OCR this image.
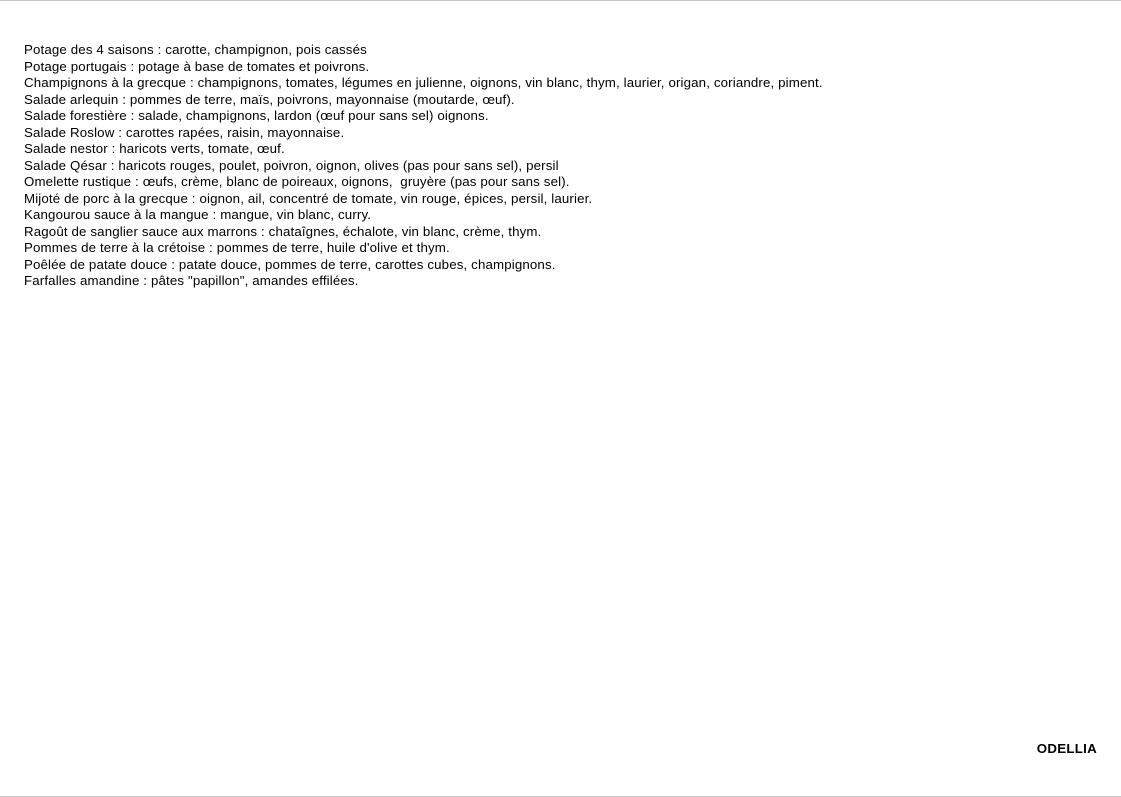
Potage des 4 saisons : carotte, champignon, pois cassés
Potage portugais : potage à base de tomates et poivrons.
Champignons à la grecque : champignons, tomates, légumes en julienne, oignons, vin blanc, thym, laurier, origan, coriandre, piment.
Salade arlequin : pommes de terre, maïs, poivrons, mayonnaise (moutarde, œuf).
Salade forestière : salade, champignons, lardon (œuf pour sans sel) oignons.
Salade Roslow : carottes rapées, raisin, mayonnaise.
Salade nestor : haricots verts, tomate, œuf.
Salade Qésar : haricots rouges, poulet, poivron, oignon, olives (pas pour sans sel), persil
Omelette rustique : œufs, crème, blanc de poireaux, oignons,  gruyère (pas pour sans sel).
Mijoté de porc à la grecque : oignon, ail, concentré de tomate, vin rouge, épices, persil, laurier.
Kangourou sauce à la mangue : mangue, vin blanc, curry.
Ragoût de sanglier sauce aux marrons : chataîgnes, échalote, vin blanc, crème, thym.
Pommes de terre à la crétoise : pommes de terre, huile d'olive et thym.
Poêlée de patate douce : patate douce, pommes de terre, carottes cubes, champignons.
Farfalles amandine : pâtes "papillon", amandes effilées.
ODELLIA
